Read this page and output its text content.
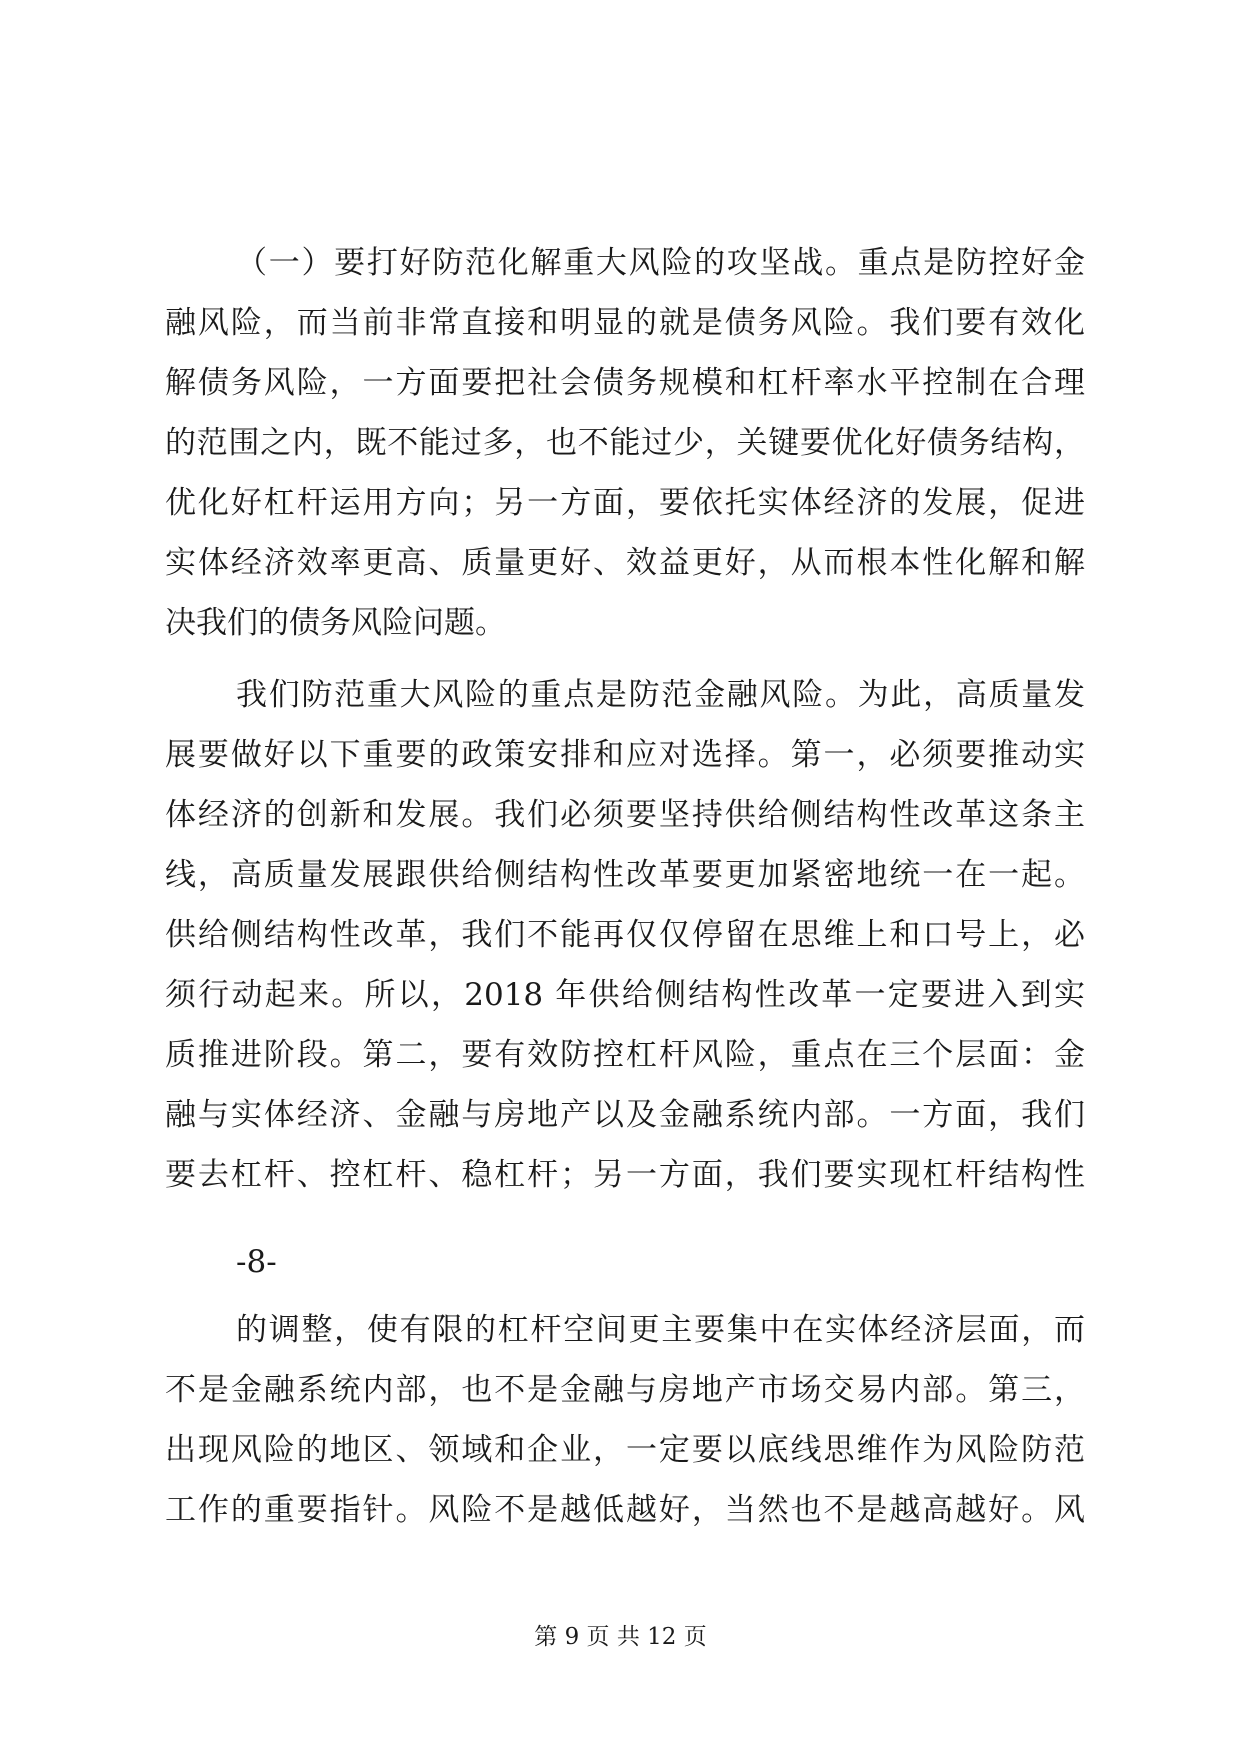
（一）要打好防范化解重大风险的攻坚战。重点是防控好金
融风险，而当前非常直接和明显的就是债务风险。我们要有效化
解债务风险，一方面要把社会债务规模和杠杆率水平控制在合理
的范围之内，既不能过多，也不能过少，关键要优化好债务结构，
优化好杠杆运用方向；另一方面，要依托实体经济的发展，促进
实体经济效率更高、质量更好、效益更好，从而根本性化解和解
决我们的债务风险问题。
我们防范重大风险的重点是防范金融风险。为此，高质量发
展要做好以下重要的政策安排和应对选择。第一，必须要推动实
体经济的创新和发展。我们必须要坚持供给侧结构性改革这条主
线，高质量发展跟供给侧结构性改革要更加紧密地统一在一起。
供给侧结构性改革，我们不能再仅仅停留在思维上和口号上，必
须行动起来。所以，2018 年供给侧结构性改革一定要进入到实
质推进阶段。第二，要有效防控杠杆风险，重点在三个层面：金
融与实体经济、金融与房地产以及金融系统内部。一方面，我们
要去杠杆、控杠杆、稳杠杆；另一方面，我们要实现杠杆结构性
-8-
的调整，使有限的杠杆空间更主要集中在实体经济层面，而
不是金融系统内部，也不是金融与房地产市场交易内部。第三，
出现风险的地区、领域和企业，一定要以底线思维作为风险防范
工作的重要指针。风险不是越低越好，当然也不是越高越好。风
第 9 页 共 12 页
